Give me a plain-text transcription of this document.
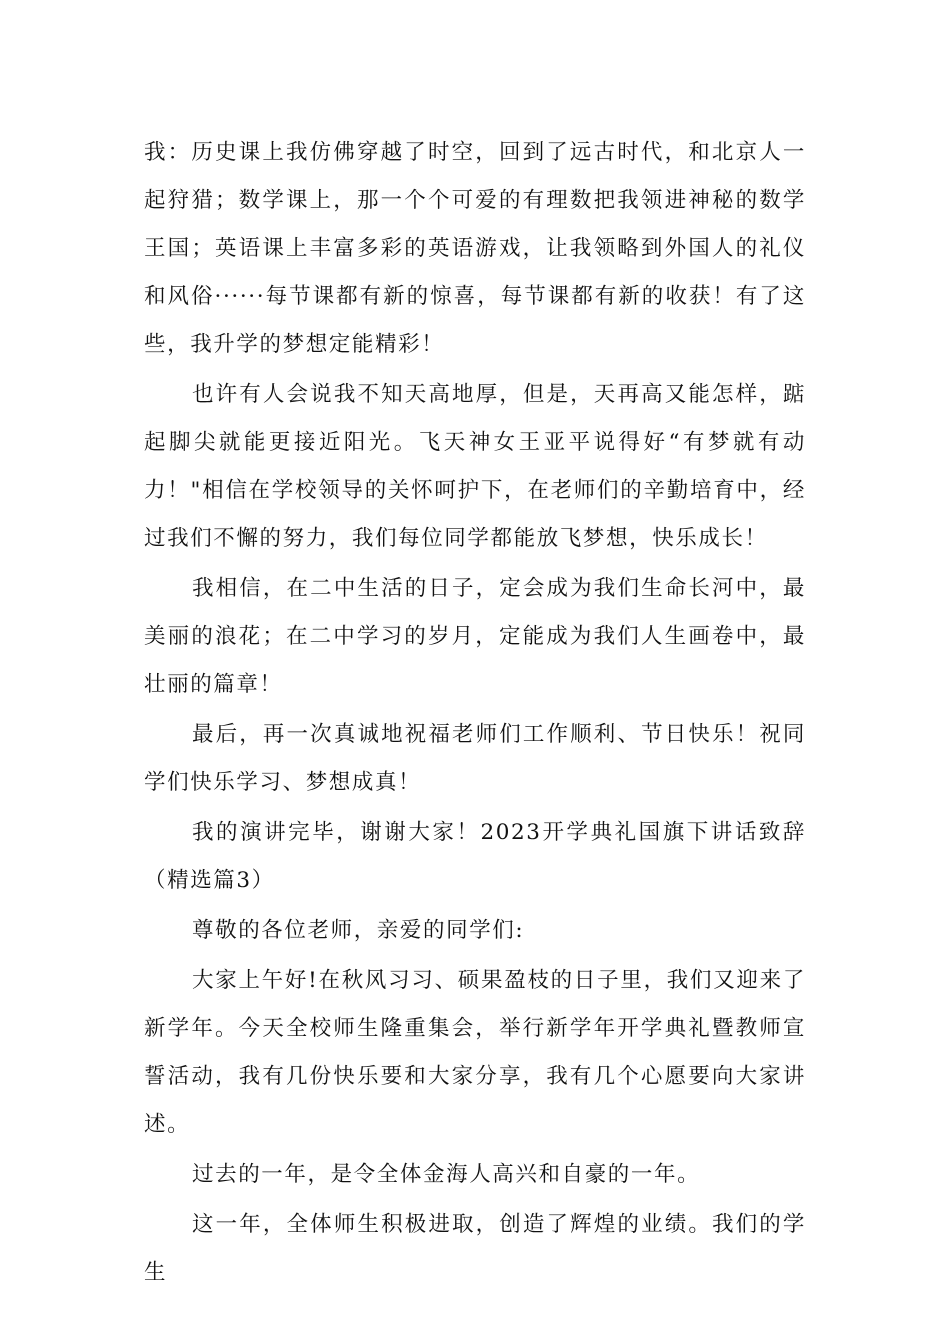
我：历史课上我仿佛穿越了时空，回到了远古时代，和北京人一起狩猎；数学课上，那一个个可爱的有理数把我领进神秘的数学王国；英语课上丰富多彩的英语游戏，让我领略到外国人的礼仪和风俗······每节课都有新的惊喜，每节课都有新的收获！有了这些，我升学的梦想定能精彩！

也许有人会说我不知天高地厚，但是，天再高又能怎样，踮起脚尖就能更接近阳光。飞天神女王亚平说得好“有梦就有动力！"相信在学校领导的关怀呵护下，在老师们的辛勤培育中，经过我们不懈的努力，我们每位同学都能放飞梦想，快乐成长！

我相信，在二中生活的日子，定会成为我们生命长河中，最美丽的浪花；在二中学习的岁月，定能成为我们人生画卷中，最壮丽的篇章！

最后，再一次真诚地祝福老师们工作顺利、节日快乐！祝同学们快乐学习、梦想成真！

我的演讲完毕，谢谢大家！2023开学典礼国旗下讲话致辞（精选篇3）

尊敬的各位老师，亲爱的同学们:

大家上午好!在秋风习习、硕果盈枝的日子里，我们又迎来了新学年。今天全校师生隆重集会，举行新学年开学典礼暨教师宣誓活动，我有几份快乐要和大家分享，我有几个心愿要向大家讲述。

过去的一年，是令全体金海人高兴和自豪的一年。

这一年，全体师生积极进取，创造了辉煌的业绩。我们的学生
